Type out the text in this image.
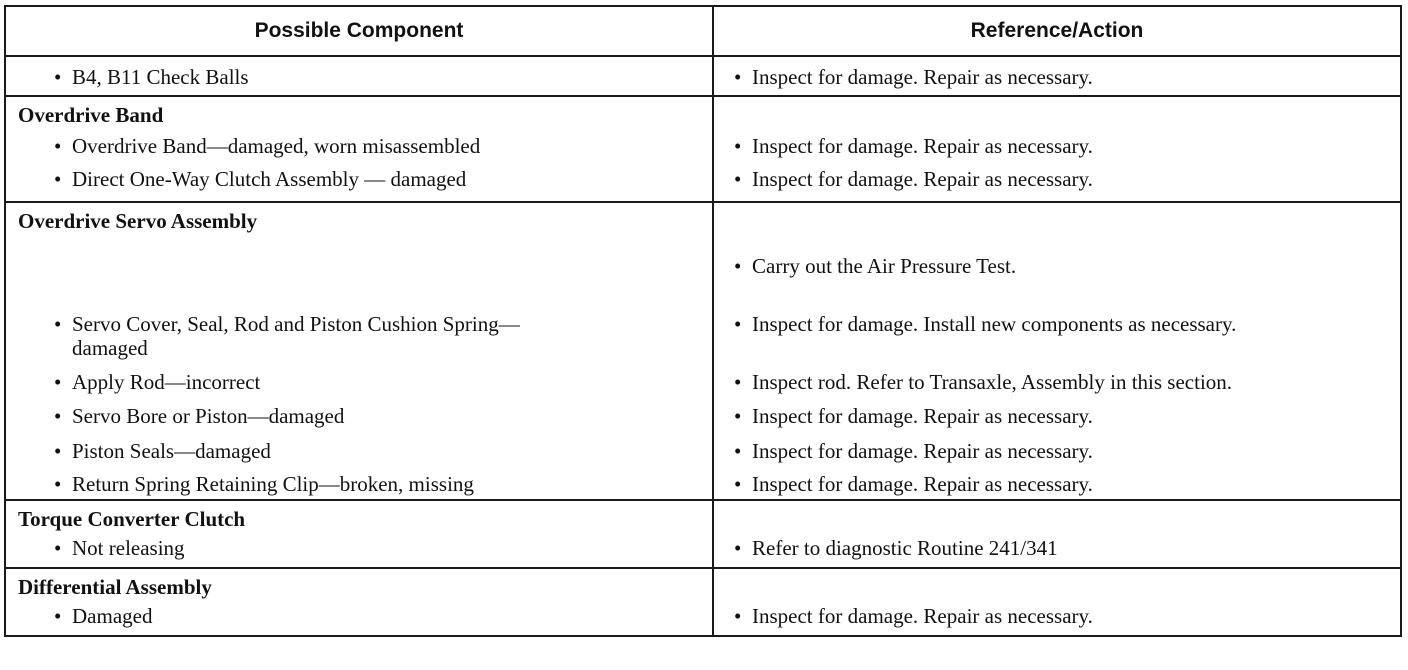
Possible Component	Reference/Action
• B4, B11 Check Balls	• Inspect for damage. Repair as necessary.
Overdrive Band	
• Overdrive Band—damaged, worn misassembled	• Inspect for damage. Repair as necessary.
• Direct One-Way Clutch Assembly — damaged	• Inspect for damage. Repair as necessary.
Overdrive Servo Assembly	
	• Carry out the Air Pressure Test.
• Servo Cover, Seal, Rod and Piston Cushion Spring—damaged	• Inspect for damage. Install new components as necessary.
• Apply Rod—incorrect	• Inspect rod. Refer to Transaxle, Assembly in this section.
• Servo Bore or Piston—damaged	• Inspect for damage. Repair as necessary.
• Piston Seals—damaged	• Inspect for damage. Repair as necessary.
• Return Spring Retaining Clip—broken, missing	• Inspect for damage. Repair as necessary.
Torque Converter Clutch	
• Not releasing	• Refer to diagnostic Routine 241/341
Differential Assembly	
• Damaged	• Inspect for damage. Repair as necessary.
